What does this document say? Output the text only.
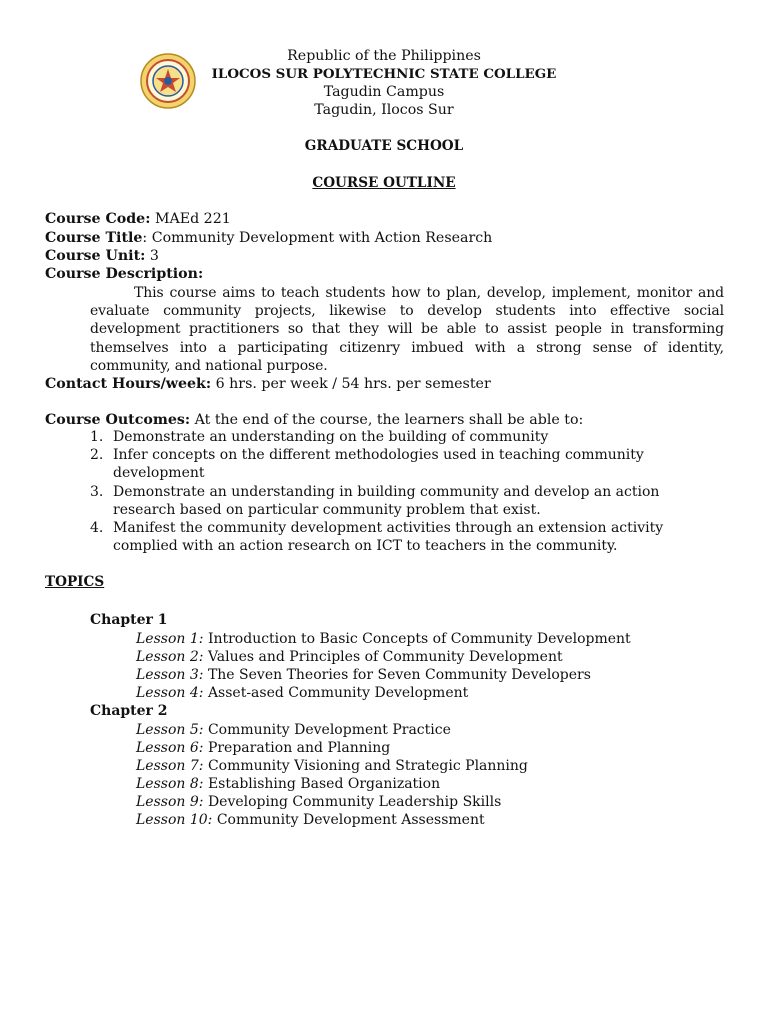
Republic of the Philippines
ILOCOS SUR POLYTECHNIC STATE COLLEGE
Tagudin Campus
Tagudin, Ilocos Sur
GRADUATE SCHOOL
COURSE OUTLINE
Course Code: MAEd 221
Course Title: Community Development with Action Research
Course Unit: 3
Course Description:
This course aims to teach students how to plan, develop, implement, monitor and evaluate community projects, likewise to develop students into effective social development practitioners so that they will be able to assist people in transforming themselves into a participating citizenry imbued with a strong sense of identity, community, and national purpose.
Contact Hours/week: 6 hrs. per week / 54 hrs. per semester
Course Outcomes: At the end of the course, the learners shall be able to:
1. Demonstrate an understanding on the building of community
2. Infer concepts on the different methodologies used in teaching community development
3. Demonstrate an understanding in building community and develop an action research based on particular community problem that exist.
4. Manifest the community development activities through an extension activity complied with an action research on ICT to teachers in the community.
TOPICS
Chapter 1
Lesson 1: Introduction to Basic Concepts of Community Development
Lesson 2: Values and Principles of Community Development
Lesson 3: The Seven Theories for Seven Community Developers
Lesson 4: Asset-ased Community Development
Chapter 2
Lesson 5: Community Development Practice
Lesson 6: Preparation and Planning
Lesson 7: Community Visioning and Strategic Planning
Lesson 8: Establishing Based Organization
Lesson 9: Developing Community Leadership Skills
Lesson 10: Community Development Assessment
